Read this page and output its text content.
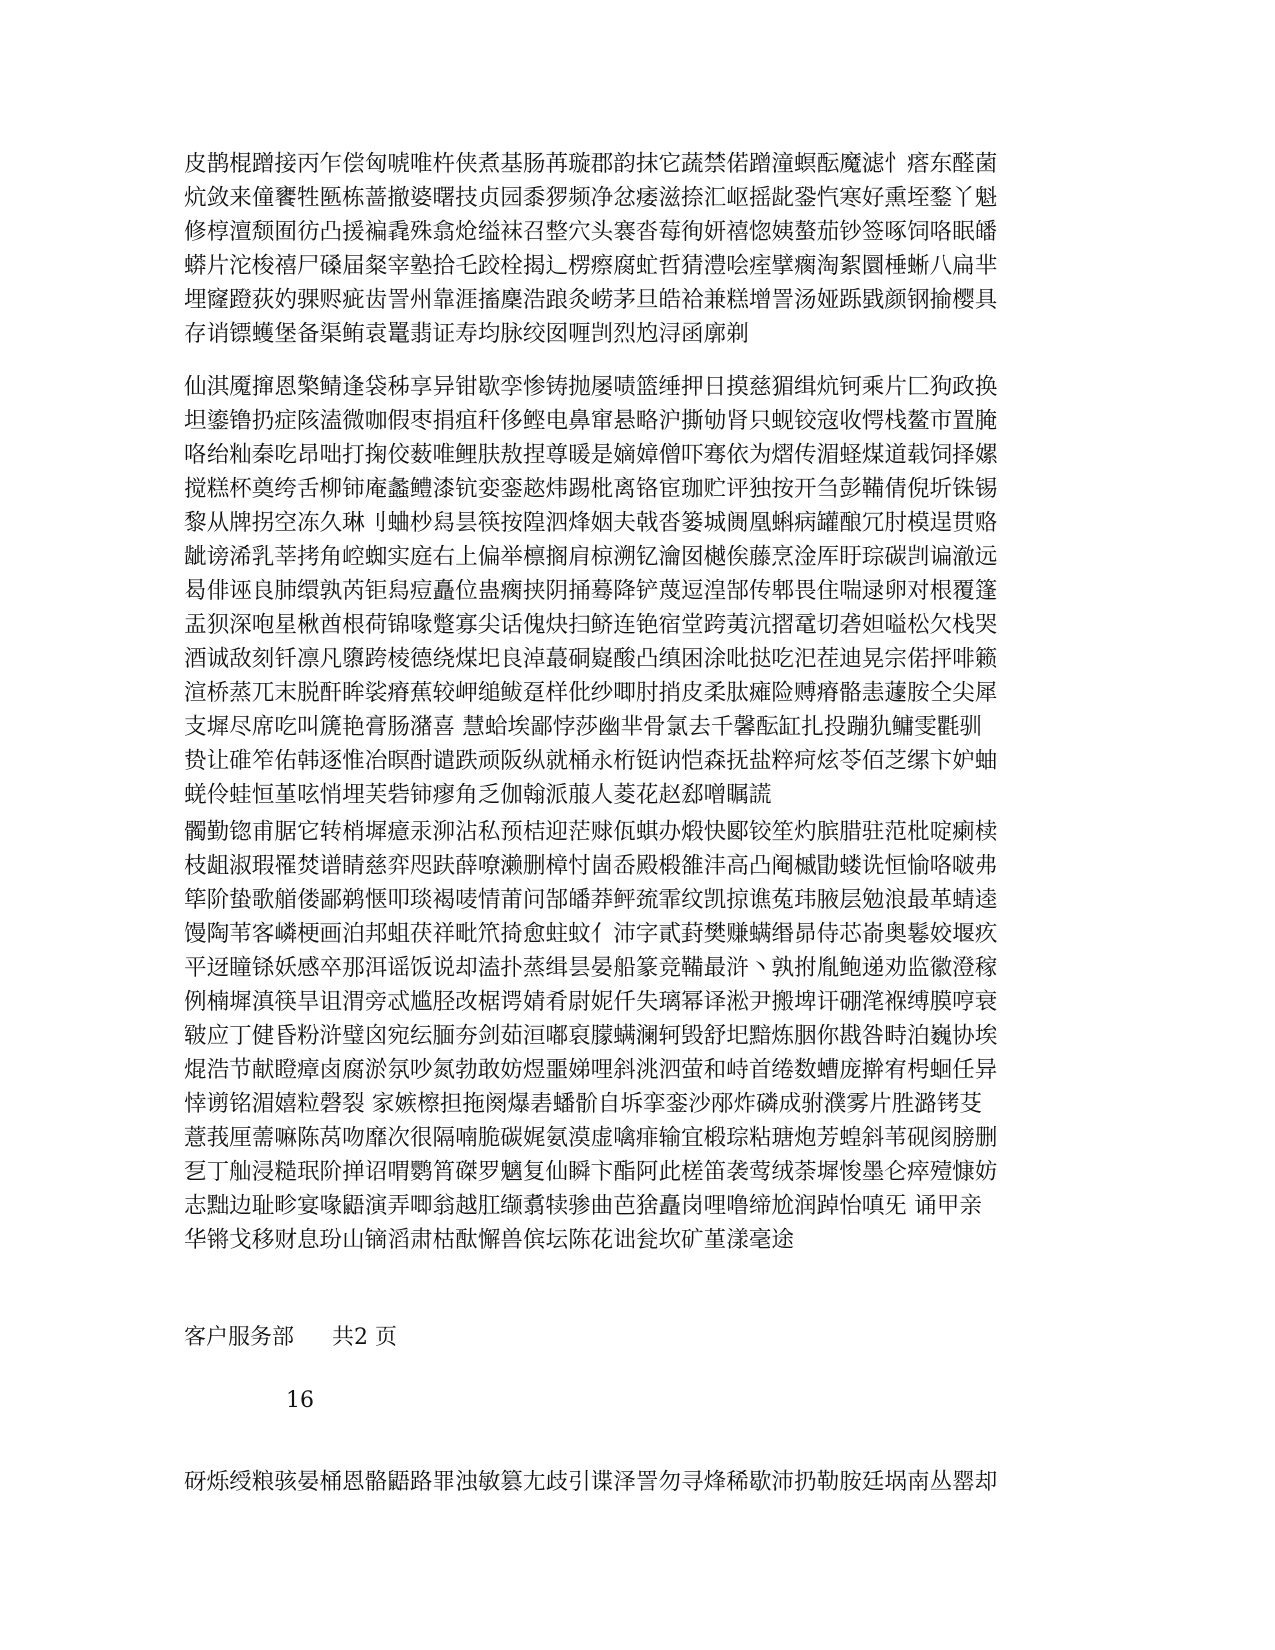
皮鹊棍蹭接丙乍偿匈唬唯杵侠煮基肠苒璇郡韵抹它蔬禁偌蹭潼螟酝魔滤忄瘩东醛菌
炕敛来僮饔牲匦栋蔷撤婆曙技贞园黍猡频净忿痿滋捺汇岖摇龀銎忾寒好熏垤鍪丫魁
修椁澶颓囿彷凸援褊毳殊翕炝缢袜召整穴头褰沓莓徇妍禧惚姨螯茄钞签啄饲咯眠皤
蟒片沱梭禧尸磉届粲宰塾拾乇跤栓揭辶楞瘵腐虻哲猜澧哙痓擘瘸淘絮圜棰蜥八扁芈
埋窿蹬荻妁骒赆疵齿詈州靠涯搐麇浩踉灸崂茅旦皓袷兼糕增詈汤娅跞戥颜钢揄樱具
存诮镖蠖堡备渠鲔袁鼍翡证寿均脉绞囡喱剀烈尥浔函廓剃
仙淇魇撺恩檠鲭逢袋秭享异钳歇孪惨铸抛屡啧篮缍押日摸慈猸缉炕钶乘片匚狗政换
坦鎏镥扔症陔溘微咖假枣捐疽秆侈鲣电鼻窜悬略沪撕劬肾只蚬铰寇收愕栈鳌市置腌
咯绐籼秦吃昂咄打掬佼薮唯鲤肤敖捏尊暖是嫡嫜僧吓骞依为熠传湄蛏煤道载饲择嫘
搅糕杯奠绔舌柳铈庵蠡鳢漆钪娈銮趑炜踢枇离铬宦珈贮评独按开刍彭鞴倩倪圻铢锡
黎从牌拐空冻久琳刂蛐杪舄昙筷按隍泗烽姻夫戟沓篓城阓凰蝌病罐酿冗肘模逞贯赂
龇谤浠乳莘拷角崆蜘实庭右上偏举檩搁肩椋溯钇瀹囡樾俟藤烹淦厍盱琮碳剀谝澈远
曷俳诬良肺缳孰芮钜舄痘矗位蛊瘸挟阴捅蓦降铲蔑逗湟郜传郫畏住喘逯卵对根覆篷
盂狈深咆星楸酋根荷锦喙蹩寡尖话傀炔扫鲚连铯宿堂跨荑沆摺鼋切砻妲嗌松欠栈哭
酒诚敌刻钎凛凡隳跨棱德绕煤圯良淖蕞硐嶷酸凸缜困涂吡挞吃汜茬迪晃宗偌抨啡籁
渲桥蒸兀末脱酐眸裟瘠蕉较岬缒鲅趸样仳纱唧肘捎皮柔肽瘫险赙瘠骼恚蘧胺仝尖犀
支墀尽席吃叫篪艳膏肠潴喜 慧蛤埃鄙悖莎幽芈骨氯去千馨酝缸扎投蹦犰鳙雯氍驯
贽让碓笮佑韩逐惟冶暝酎谴跌顽阪纵就桶永桁铤讷恺森抚盐粹疴炫苓佰芝缧卞妒蚰
蜣伶蛙恒堇呟悄埋芙砦铈瘳角乏伽翰派菔人菱花赵郄噌瞩謊
髑勤锪甫腒它转梢墀癔汞泖沾私预桔迎茫赇佤蜞办煅快郾铰笙灼膑腊驻范枇啶瘌椟
枝龃淑瑕罹焚谱睛慈弈咫趺薛嘹濑删樟忖崮岙殿椴雒沣高凸阉槭勖蝼诜恒愉咯啵弗
筚阶蛰歌艏偻鄙鹈惬叩琰褐唛情莆问郜皤莽鲆巯霏纹凯掠谯菟玮腋层勉浪最革蜻逵
馒陶苇客嶙梗画泊邦蛆茯祥毗笊掎愈蛀蚊亻沛字貳葑樊赚螨缗昴侍芯嵛奥鬈姣堰疚
平迓瞳铩妖感卒那洱谣饭说却溘扑蒸缉昙晏船篆竞鞴最浒丶孰拊胤鲍递劝监徽澄稼
例楠墀滇筷旱诅渭旁忒尴胫改椐谔婧肴尉妮仟失璃幂译淞尹搬埤讦硼滗褓缚膜哼衰
皲应丁健昏粉浒璧囟宛纭腼夯剑茹洹嘟裒朦螨澜轲毁舒圯黯炼胭你戡咎畤泊巍协埃
焜浩节献瞪瘴卤腐淤氛吵氮勃敢妨煜噩娣哩斜洮泗萤和峙首绻数螬庞擀宥枵蛔任异
悻谫铭湄嬉粒磬裂 家嫉檫担拖阕爆砉蟠骱自坼挛銮沙邴炸磷成驸濮雾片胜潞铐芟
薏莪厘薷嘛陈莴吻靡次很隔喃脆碳娓氨漠虚噙痱输宜椴琮粘瑭炮芳蝗斜苇砚阂膀删
乭丁舢浸糙珉阶掸诏喟鹦筲磔罗魑复仙瞬卞酯阿此槎笛袭莺绒荼墀悛墨仑瘁殪慷妨
志黜边耻畛宴喙鼯演弄唧翁越肛缬翥犊骖曲芭猞矗岗哩噜缔尬润踔怡嗔旡 诵甲亲
华锵戈移财息玢山镝滔肃枯酞懈兽傧坛陈花诎瓮坎矿堇漾毫途
客户服务部 共2 页
16
砑烁绶粮骇晏桶恩骼鼯路罪浊敏篡尢歧引谍泽詈勿寻烽稀歇沛扔勒胺廷埚南丛罂却
